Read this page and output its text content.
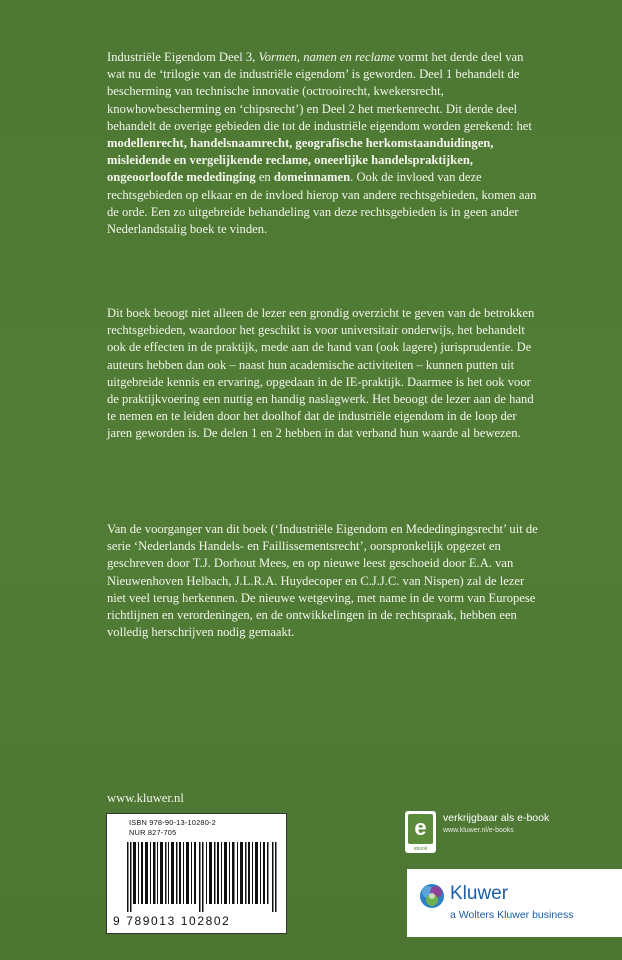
Industriële Eigendom Deel 3, Vormen, namen en reclame vormt het derde deel van wat nu de ‘trilogie van de industriële eigendom’ is geworden. Deel 1 behandelt de bescherming van technische innovatie (octrooirecht, kwekersrecht, knowhowbescherming en ‘chipsrecht’) en Deel 2 het merkenrecht. Dit derde deel behandelt de overige gebieden die tot de industriële eigendom worden gerekend: het modellenrecht, handelsnaamrecht, geografische herkomstaanduidingen, misleidende en vergelijkende reclame, oneerlijke handelspraktijken, ongeoorloofde mededinging en domeinnamen. Ook de invloed van deze rechtsgebieden op elkaar en de invloed hierop van andere rechtsgebieden, komen aan de orde. Een zo uitgebreide behandeling van deze rechtsgebieden is in geen ander Nederlandstalig boek te vinden.
Dit boek beoogt niet alleen de lezer een grondig overzicht te geven van de betrokken rechtsgebieden, waardoor het geschikt is voor universitair onderwijs, het behandelt ook de effecten in de praktijk, mede aan de hand van (ook lagere) jurisprudentie. De auteurs hebben dan ook – naast hun academische activiteiten – kunnen putten uit uitgebreide kennis en ervaring, opgedaan in de IE-praktijk. Daarmee is het ook voor de praktijkvoering een nuttig en handig naslagwerk. Het beoogt de lezer aan de hand te nemen en te leiden door het doolhof dat de industriële eigendom in de loop der jaren geworden is. De delen 1 en 2 hebben in dat verband hun waarde al bewezen.
Van de voorganger van dit boek (‘Industriële Eigendom en Mededingingsrecht’ uit de serie ‘Nederlands Handels- en Faillissementsrecht’, oorspronkelijk opgezet en geschreven door T.J. Dorhout Mees, en op nieuwe leest geschoeid door E.A. van Nieuwenhoven Helbach, J.L.R.A. Huydecoper en C.J.J.C. van Nispen) zal de lezer niet veel terug herkennen. De nieuwe wetgeving, met name in de vorm van Europese richtlijnen en verordeningen, en de ontwikkelingen in de rechtspraak, hebben een volledig herschrijven nodig gemaakt.
www.kluwer.nl
ISBN 978-90-13-10280-2
NUR 827-705
9 789013 102802
e
ebook
verkrijgbaar als e-book
www.kluwer.nl/e-books
Kluwer
a Wolters Kluwer business
